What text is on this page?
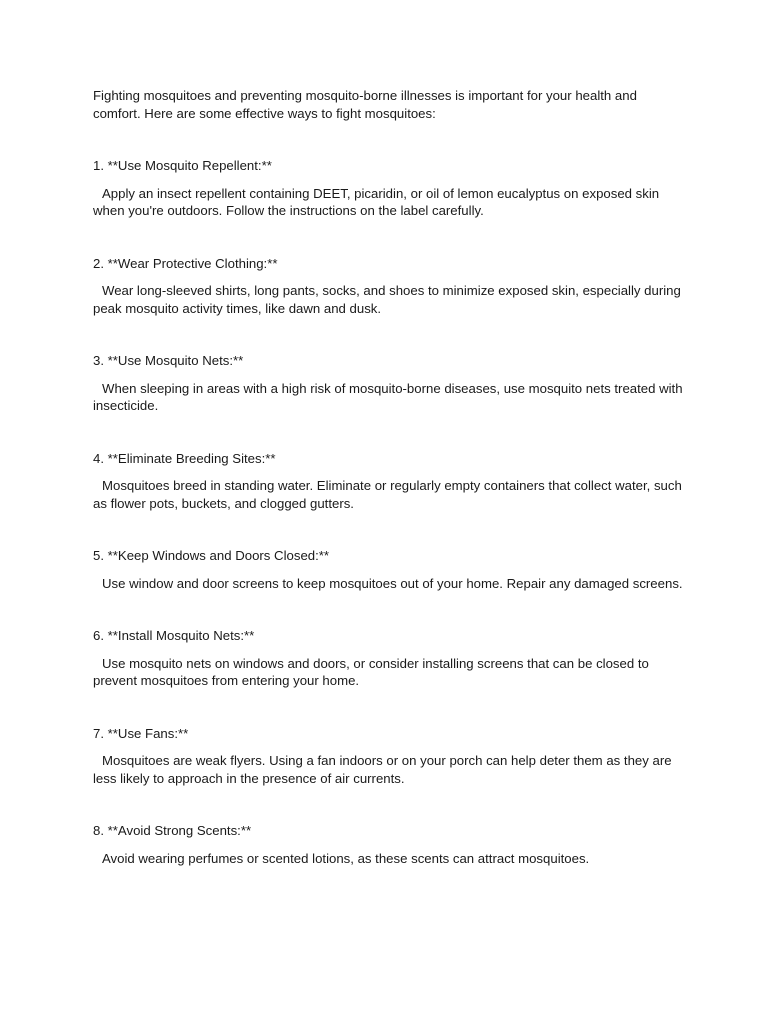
Fighting mosquitoes and preventing mosquito-borne illnesses is important for your health and comfort. Here are some effective ways to fight mosquitoes:

1. **Use Mosquito Repellent:**

Apply an insect repellent containing DEET, picaridin, or oil of lemon eucalyptus on exposed skin when you're outdoors. Follow the instructions on the label carefully.

2. **Wear Protective Clothing:**

Wear long-sleeved shirts, long pants, socks, and shoes to minimize exposed skin, especially during peak mosquito activity times, like dawn and dusk.

3. **Use Mosquito Nets:**

When sleeping in areas with a high risk of mosquito-borne diseases, use mosquito nets treated with insecticide.

4. **Eliminate Breeding Sites:**

Mosquitoes breed in standing water. Eliminate or regularly empty containers that collect water, such as flower pots, buckets, and clogged gutters.

5. **Keep Windows and Doors Closed:**

Use window and door screens to keep mosquitoes out of your home. Repair any damaged screens.

6. **Install Mosquito Nets:**

Use mosquito nets on windows and doors, or consider installing screens that can be closed to prevent mosquitoes from entering your home.

7. **Use Fans:**

Mosquitoes are weak flyers. Using a fan indoors or on your porch can help deter them as they are less likely to approach in the presence of air currents.

8. **Avoid Strong Scents:**

Avoid wearing perfumes or scented lotions, as these scents can attract mosquitoes.
